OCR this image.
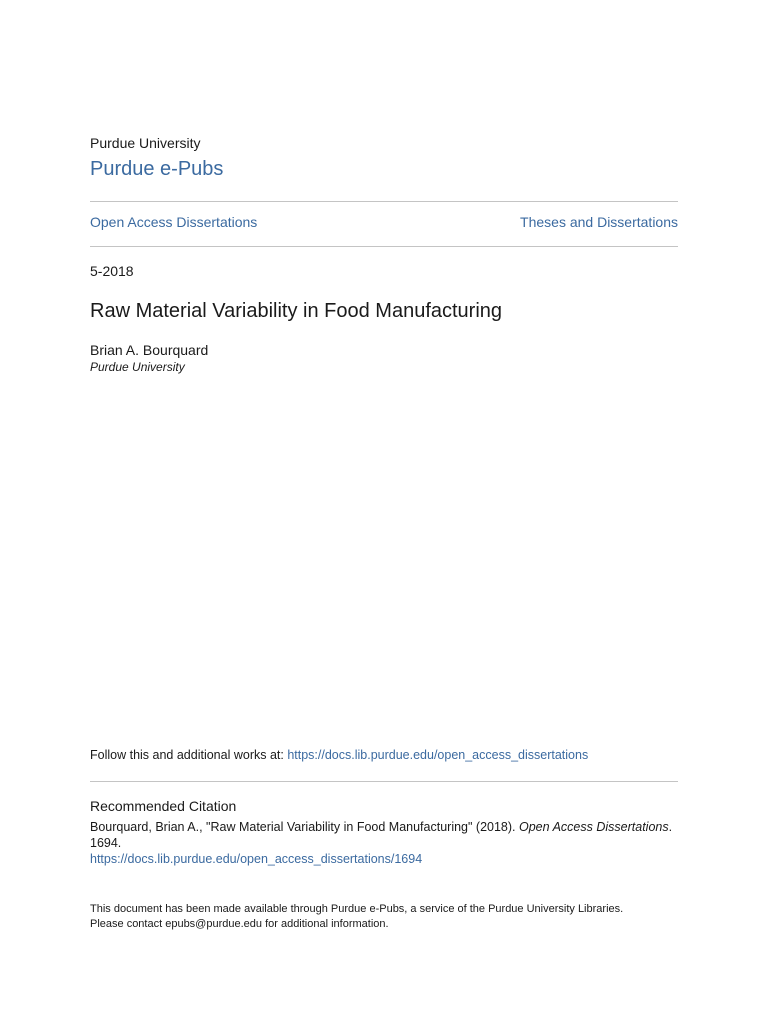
Purdue University
Purdue e-Pubs
Open Access Dissertations	Theses and Dissertations
5-2018
Raw Material Variability in Food Manufacturing
Brian A. Bourquard
Purdue University
Follow this and additional works at: https://docs.lib.purdue.edu/open_access_dissertations
Recommended Citation
Bourquard, Brian A., "Raw Material Variability in Food Manufacturing" (2018). Open Access Dissertations. 1694.
https://docs.lib.purdue.edu/open_access_dissertations/1694
This document has been made available through Purdue e-Pubs, a service of the Purdue University Libraries.
Please contact epubs@purdue.edu for additional information.
